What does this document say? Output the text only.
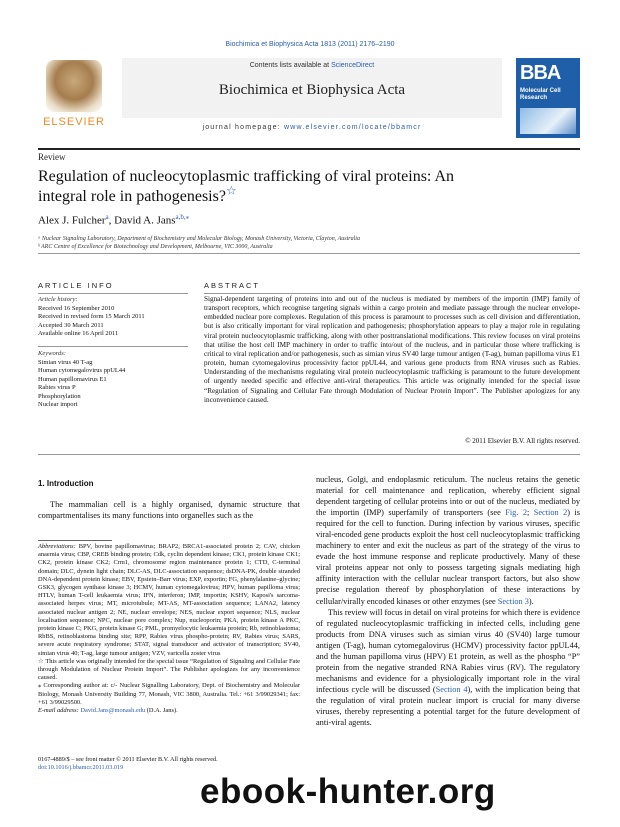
Biochimica et Biophysica Acta 1813 (2011) 2176–2190
ELSEVIER
Contents lists available at ScienceDirect
Biochimica et Biophysica Acta
journal homepage: www.elsevier.com/locate/bbamcr
BBA
Molecular Cell Research
Review
Regulation of nucleocytoplasmic trafficking of viral proteins: An integral role in pathogenesis?☆
Alex J. Fulcher$^a$, David A. Jans$^{a,b,⁎}$
ᵃ Nuclear Signaling Laboratory, Department of Biochemistry and Molecular Biology, Monash University, Victoria, Clayton, Australia
ᵇ ARC Centre of Excellence for Biotechnology and Development, Melbourne, VIC 3000, Australia
ARTICLE INFO
Article history:
Received 16 September 2010
Received in revised form 15 March 2011
Accepted 30 March 2011
Available online 16 April 2011
Keywords:
Simian virus 40 T-ag
Human cytomegalovirus ppUL44
Human papillomavirus E1
Rabies virus P
Phosphorylation
Nuclear import
ABSTRACT
Signal-dependent targeting of proteins into and out of the nucleus is mediated by members of the importin (IMP) family of transport receptors, which recognise targeting signals within a cargo protein and mediate passage through the nuclear envelope-embedded nuclear pore complexes. Regulation of this process is paramount to processes such as cell division and differentiation, but is also critically important for viral replication and pathogenesis; phosphorylation appears to play a major role in regulating viral protein nucleocytoplasmic trafficking, along with other posttranslational modifications. This review focuses on viral proteins that utilise the host cell IMP machinery in order to traffic into/out of the nucleus, and in particular those where trafficking is critical to viral replication and/or pathogenesis, such as simian virus SV40 large tumour antigen (T-ag), human papilloma virus E1 protein, human cytomegalovirus processivity factor ppUL44, and various gene products from RNA viruses such as Rabies. Understanding of the mechanisms regulating viral protein nucleocytoplasmic trafficking is paramount to the future development of urgently needed specific and effective anti-viral therapeutics. This article was originally intended for the special issue “Regulation of Signaling and Cellular Fate through Modulation of Nuclear Protein Import”. The Publisher apologizes for any inconvenience caused.
© 2011 Elsevier B.V. All rights reserved.
1. Introduction
The mammalian cell is a highly organised, dynamic structure that compartmentalises its many functions into organelles such as the
Abbreviations: BPV, bovine papillomavirus; BRAP2, BRCA1-associated protein 2; CAV, chicken anaemia virus; CBP, CREB binding protein; Cdk, cyclin dependent kinase; CK1, protein kinase CK1; CK2, protein kinase CK2; Crm1, chromosome region maintenance protein 1; CTD, C-terminal domain; DLC, dynein light chain; DLC-AS, DLC-association sequence; dsDNA-PK, double stranded DNA-dependent protein kinase; EBV, Epstein–Barr virus; EXP, exportin; FG, phenylalanine–glycine; GSK3, glycogen synthase kinase 3; HCMV, human cytomegalovirus; HPV, human papilloma virus; HTLV, human T-cell leukaemia virus; IFN, interferon; IMP, importin; KSHV, Kaposi's sarcoma-associated herpes virus; MT, microtubule; MT-AS, MT-association sequence; LANA2, latency associated nuclear antigen 2; NE, nuclear envelope; NES, nuclear export sequence; NLS, nuclear localisation sequence; NPC, nuclear pore complex; Nup, nucleoporin; PKA, protein kinase A PKC, protein kinase C; PKG, protein kinase G; PML, promyelocytic leukaemia protein; Rb, retinoblastoma; RbBS, retinoblastoma binding site; RPP, Rabies virus phospho-protein; RV, Rabies virus; SARS, severe acute respiratory syndrome; STAT, signal transducer and activator of transcription; SV40, simian virus 40; T-ag, large tumour antigen; VZV, varicella zoster virus
☆ This article was originally intended for the special issue “Regulation of Signaling and Cellular Fate through Modulation of Nuclear Protein Import”. The Publisher apologizes for any inconvenience caused.
⁎ Corresponding author at: c/- Nuclear Signalling Laboratory, Dept. of Biochemistry and Molecular Biology, Monash University Building 77, Monash, VIC 3800, Australia. Tel.: +61 3/99029341; fax: +61 3/99029500.
E-mail address: David.Jans@monash.edu (D.A. Jans).

nucleus, Golgi, and endoplasmic reticulum. The nucleus retains the genetic material for cell maintenance and replication, whereby efficient signal dependent targeting of cellular proteins into or out of the nucleus, mediated by the importin (IMP) superfamily of transporters (see Fig. 2; Section 2) is required for the cell to function. During infection by various viruses, specific viral-encoded gene products exploit the host cell nucleocytoplasmic trafficking machinery to enter and exit the nucleus as part of the strategy of the virus to evade the host immune response and replicate productively. Many of these viral proteins appear not only to possess targeting signals mediating high affinity interaction with the cellular nuclear transport factors, but also show precise regulation thereof by phosphorylation of these interactions by cellular/virally encoded kinases or other enzymes (see Section 3).

This review will focus in detail on viral proteins for which there is evidence of regulated nucleocytoplasmic trafficking in infected cells, including gene products from DNA viruses such as simian virus 40 (SV40) large tumour antigen (T-ag), human cytomegalovirus (HCMV) processivity factor ppUL44, and the human papilloma virus (HPV) E1 protein, as well as the phospho “P” protein from the negative stranded RNA Rabies virus (RV). The regulatory mechanisms and evidence for a physiologically important role in the viral infectious cycle will be discussed (Section 4), with the implication being that the regulation of viral protein nuclear import is crucial for many diverse viruses, thereby representing a potential target for the future development of anti-viral agents.

0167-4889/$ – see front matter © 2011 Elsevier B.V. All rights reserved.
doi:10.1016/j.bbamcr.2011.03.019
ebook-hunter.org
